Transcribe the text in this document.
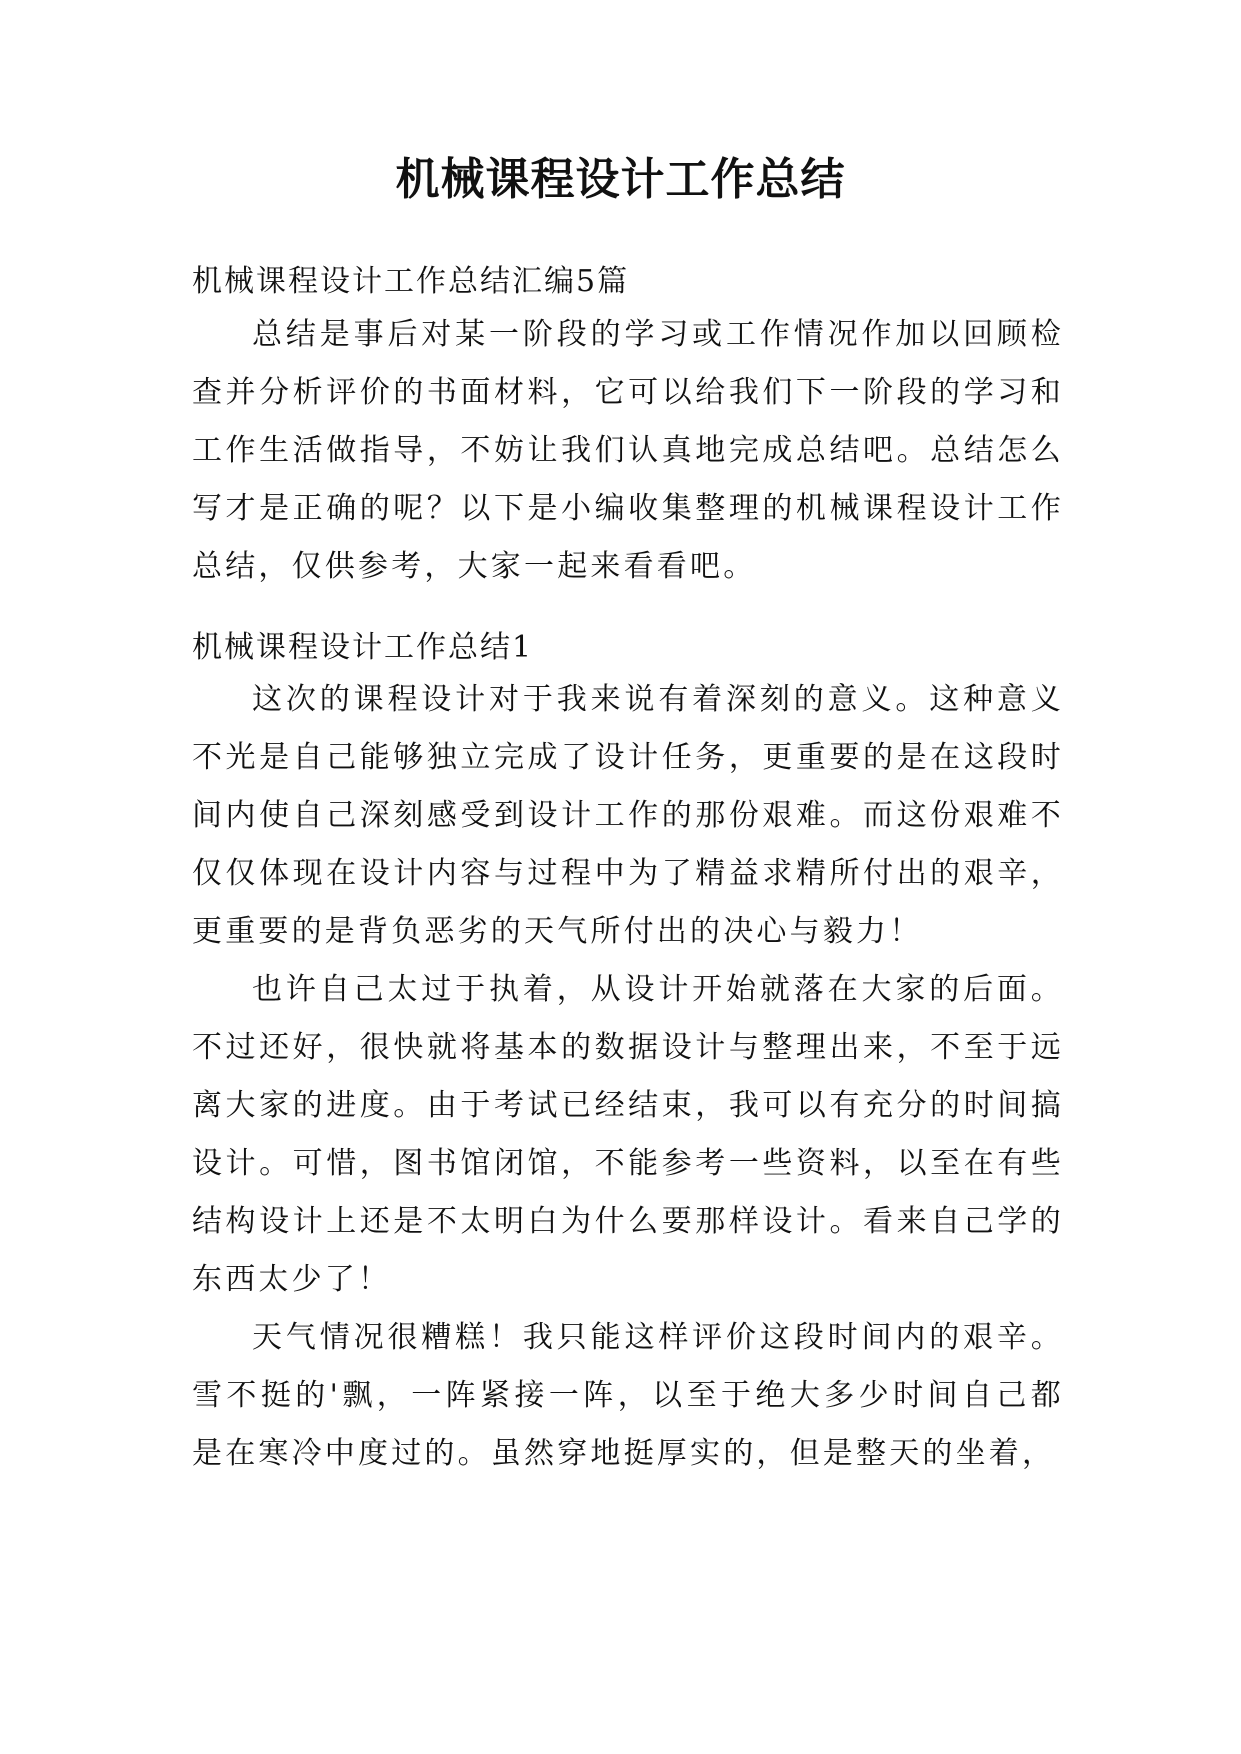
机械课程设计工作总结
机械课程设计工作总结汇编5篇

总结是事后对某一阶段的学习或工作情况作加以回顾检查并分析评价的书面材料，它可以给我们下一阶段的学习和工作生活做指导，不妨让我们认真地完成总结吧。总结怎么写才是正确的呢？以下是小编收集整理的机械课程设计工作总结，仅供参考，大家一起来看看吧。

机械课程设计工作总结1

这次的课程设计对于我来说有着深刻的意义。这种意义不光是自己能够独立完成了设计任务，更重要的是在这段时间内使自己深刻感受到设计工作的那份艰难。而这份艰难不仅仅体现在设计内容与过程中为了精益求精所付出的艰辛，更重要的是背负恶劣的天气所付出的决心与毅力！

也许自己太过于执着，从设计开始就落在大家的后面。不过还好，很快就将基本的数据设计与整理出来，不至于远离大家的进度。由于考试已经结束，我可以有充分的时间搞设计。可惜，图书馆闭馆，不能参考一些资料，以至在有些结构设计上还是不太明白为什么要那样设计。看来自己学的东西太少了！

天气情况很糟糕！我只能这样评价这段时间内的艰辛。雪不挺的'飘，一阵紧接一阵，以至于绝大多少时间自己都是在寒冷中度过的。虽然穿地挺厚实的，但是整天的坐着，
